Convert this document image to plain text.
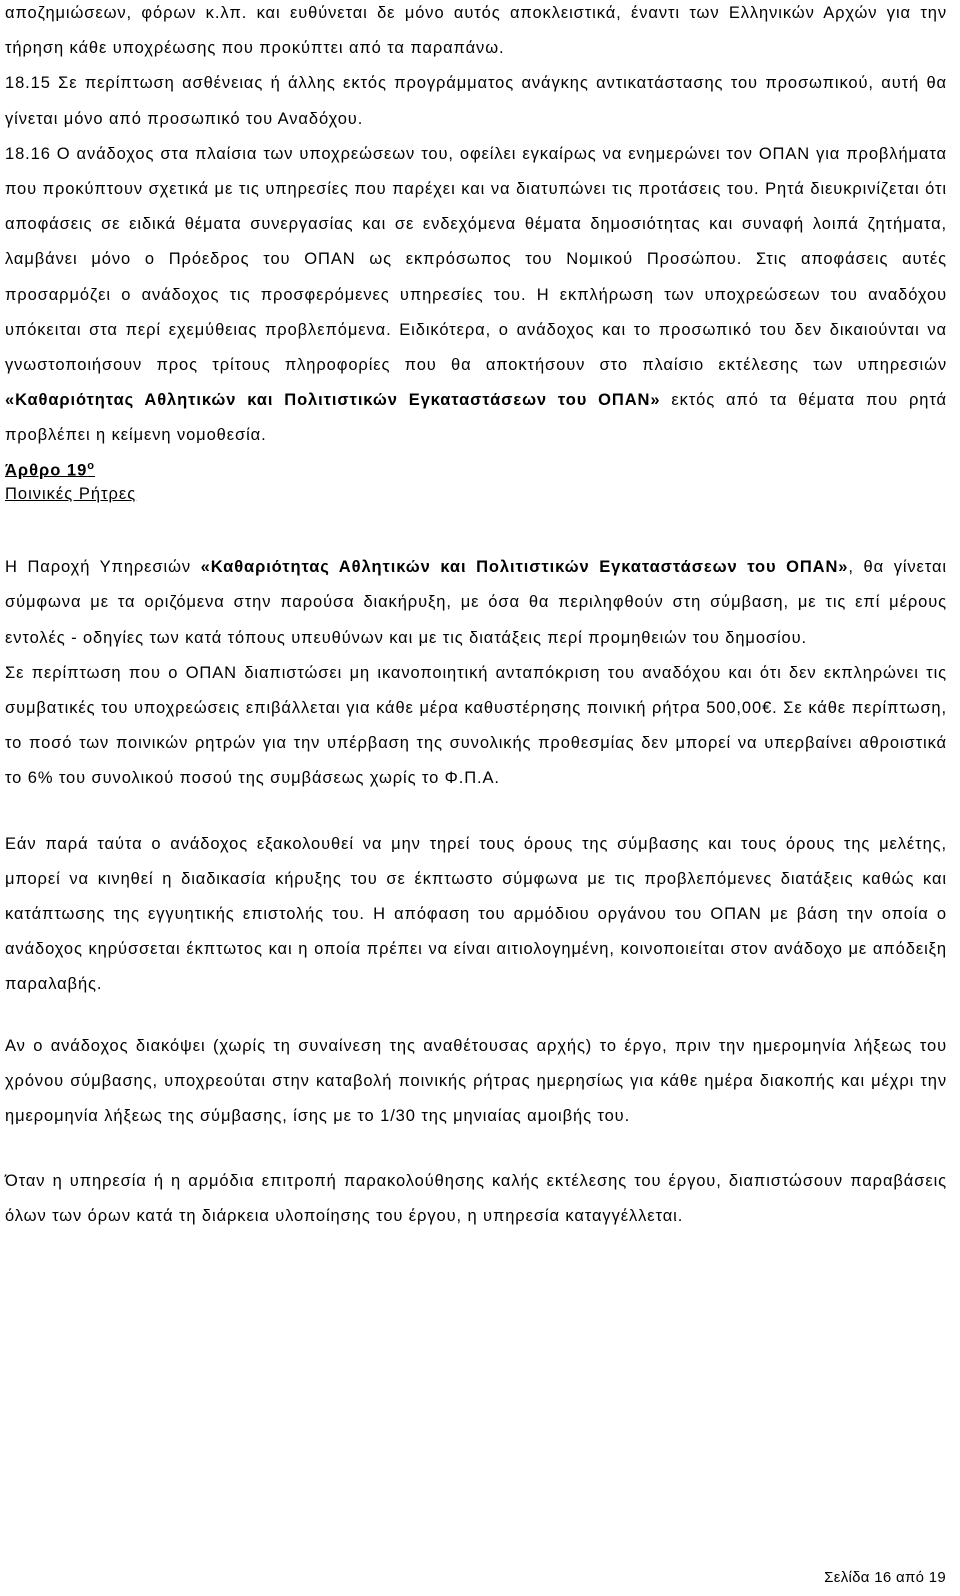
αποζημιώσεων, φόρων κ.λπ. και ευθύνεται δε μόνο αυτός αποκλειστικά, έναντι των Ελληνικών Αρχών για την τήρηση κάθε υποχρέωσης που προκύπτει από τα παραπάνω.

18.15 Σε περίπτωση ασθένειας ή άλλης εκτός προγράμματος ανάγκης αντικατάστασης του προσωπικού, αυτή θα γίνεται μόνο από προσωπικό του Αναδόχου.

18.16 Ο ανάδοχος στα πλαίσια των υποχρεώσεων του, οφείλει εγκαίρως να ενημερώνει τον ΟΠΑΝ για προβλήματα που προκύπτουν σχετικά με τις υπηρεσίες που παρέχει και να διατυπώνει τις προτάσεις του. Ρητά διευκρινίζεται ότι αποφάσεις σε ειδικά θέματα συνεργασίας και σε ενδεχόμενα θέματα δημοσιότητας και συναφή λοιπά ζητήματα, λαμβάνει μόνο ο Πρόεδρος του ΟΠΑΝ ως εκπρόσωπος του Νομικού Προσώπου. Στις αποφάσεις αυτές προσαρμόζει ο ανάδοχος τις προσφερόμενες υπηρεσίες του. Η εκπλήρωση των υποχρεώσεων του αναδόχου υπόκειται στα περί εχεμύθειας προβλεπόμενα. Ειδικότερα, ο ανάδοχος και το προσωπικό του δεν δικαιούνται να γνωστοποιήσουν προς τρίτους πληροφορίες που θα αποκτήσουν στο πλαίσιο εκτέλεσης των υπηρεσιών «Καθαριότητας Αθλητικών και Πολιτιστικών Εγκαταστάσεων του ΟΠΑΝ» εκτός από τα θέματα που ρητά προβλέπει η κείμενη νομοθεσία.

Άρθρο $19^o$

Ποινικές Ρήτρες

Η Παροχή Υπηρεσιών «Καθαριότητας Αθλητικών και Πολιτιστικών Εγκαταστάσεων του ΟΠΑΝ», θα γίνεται σύμφωνα με τα οριζόμενα στην παρούσα διακήρυξη, με όσα θα περιληφθούν στη σύμβαση, με τις επί μέρους εντολές - οδηγίες των κατά τόπους υπευθύνων και με τις διατάξεις περί προμηθειών του δημοσίου.

Σε περίπτωση που ο ΟΠΑΝ διαπιστώσει μη ικανοποιητική ανταπόκριση του αναδόχου και ότι δεν εκπληρώνει τις συμβατικές του υποχρεώσεις επιβάλλεται για κάθε μέρα καθυστέρησης ποινική ρήτρα 500,00€. Σε κάθε περίπτωση, το ποσό των ποινικών ρητρών για την υπέρβαση της συνολικής προθεσμίας δεν μπορεί να υπερβαίνει αθροιστικά το 6% του συνολικού ποσού της συμβάσεως χωρίς το Φ.Π.Α.

Εάν παρά ταύτα ο ανάδοχος εξακολουθεί να μην τηρεί τους όρους της σύμβασης και τους όρους της μελέτης, μπορεί να κινηθεί η διαδικασία κήρυξης του σε έκπτωστο σύμφωνα με τις προβλεπόμενες διατάξεις καθώς και κατάπτωσης της εγγυητικής επιστολής του. Η απόφαση του αρμόδιου οργάνου του ΟΠΑΝ με βάση την οποία ο ανάδοχος κηρύσσεται έκπτωτος και η οποία πρέπει να είναι αιτιολογημένη, κοινοποιείται στον ανάδοχο με απόδειξη παραλαβής.

Αν ο ανάδοχος διακόψει (χωρίς τη συναίνεση της αναθέτουσας αρχής) το έργο, πριν την ημερομηνία λήξεως του χρόνου σύμβασης, υποχρεούται στην καταβολή ποινικής ρήτρας ημερησίως για κάθε ημέρα διακοπής και μέχρι την ημερομηνία λήξεως της σύμβασης, ίσης με το 1/30 της μηνιαίας αμοιβής του.

Όταν η υπηρεσία ή η αρμόδια επιτροπή παρακολούθησης καλής εκτέλεσης του έργου, διαπιστώσουν παραβάσεις όλων των όρων κατά τη διάρκεια υλοποίησης του έργου, η υπηρεσία καταγγέλλεται.

Σελίδα 16 από 19
